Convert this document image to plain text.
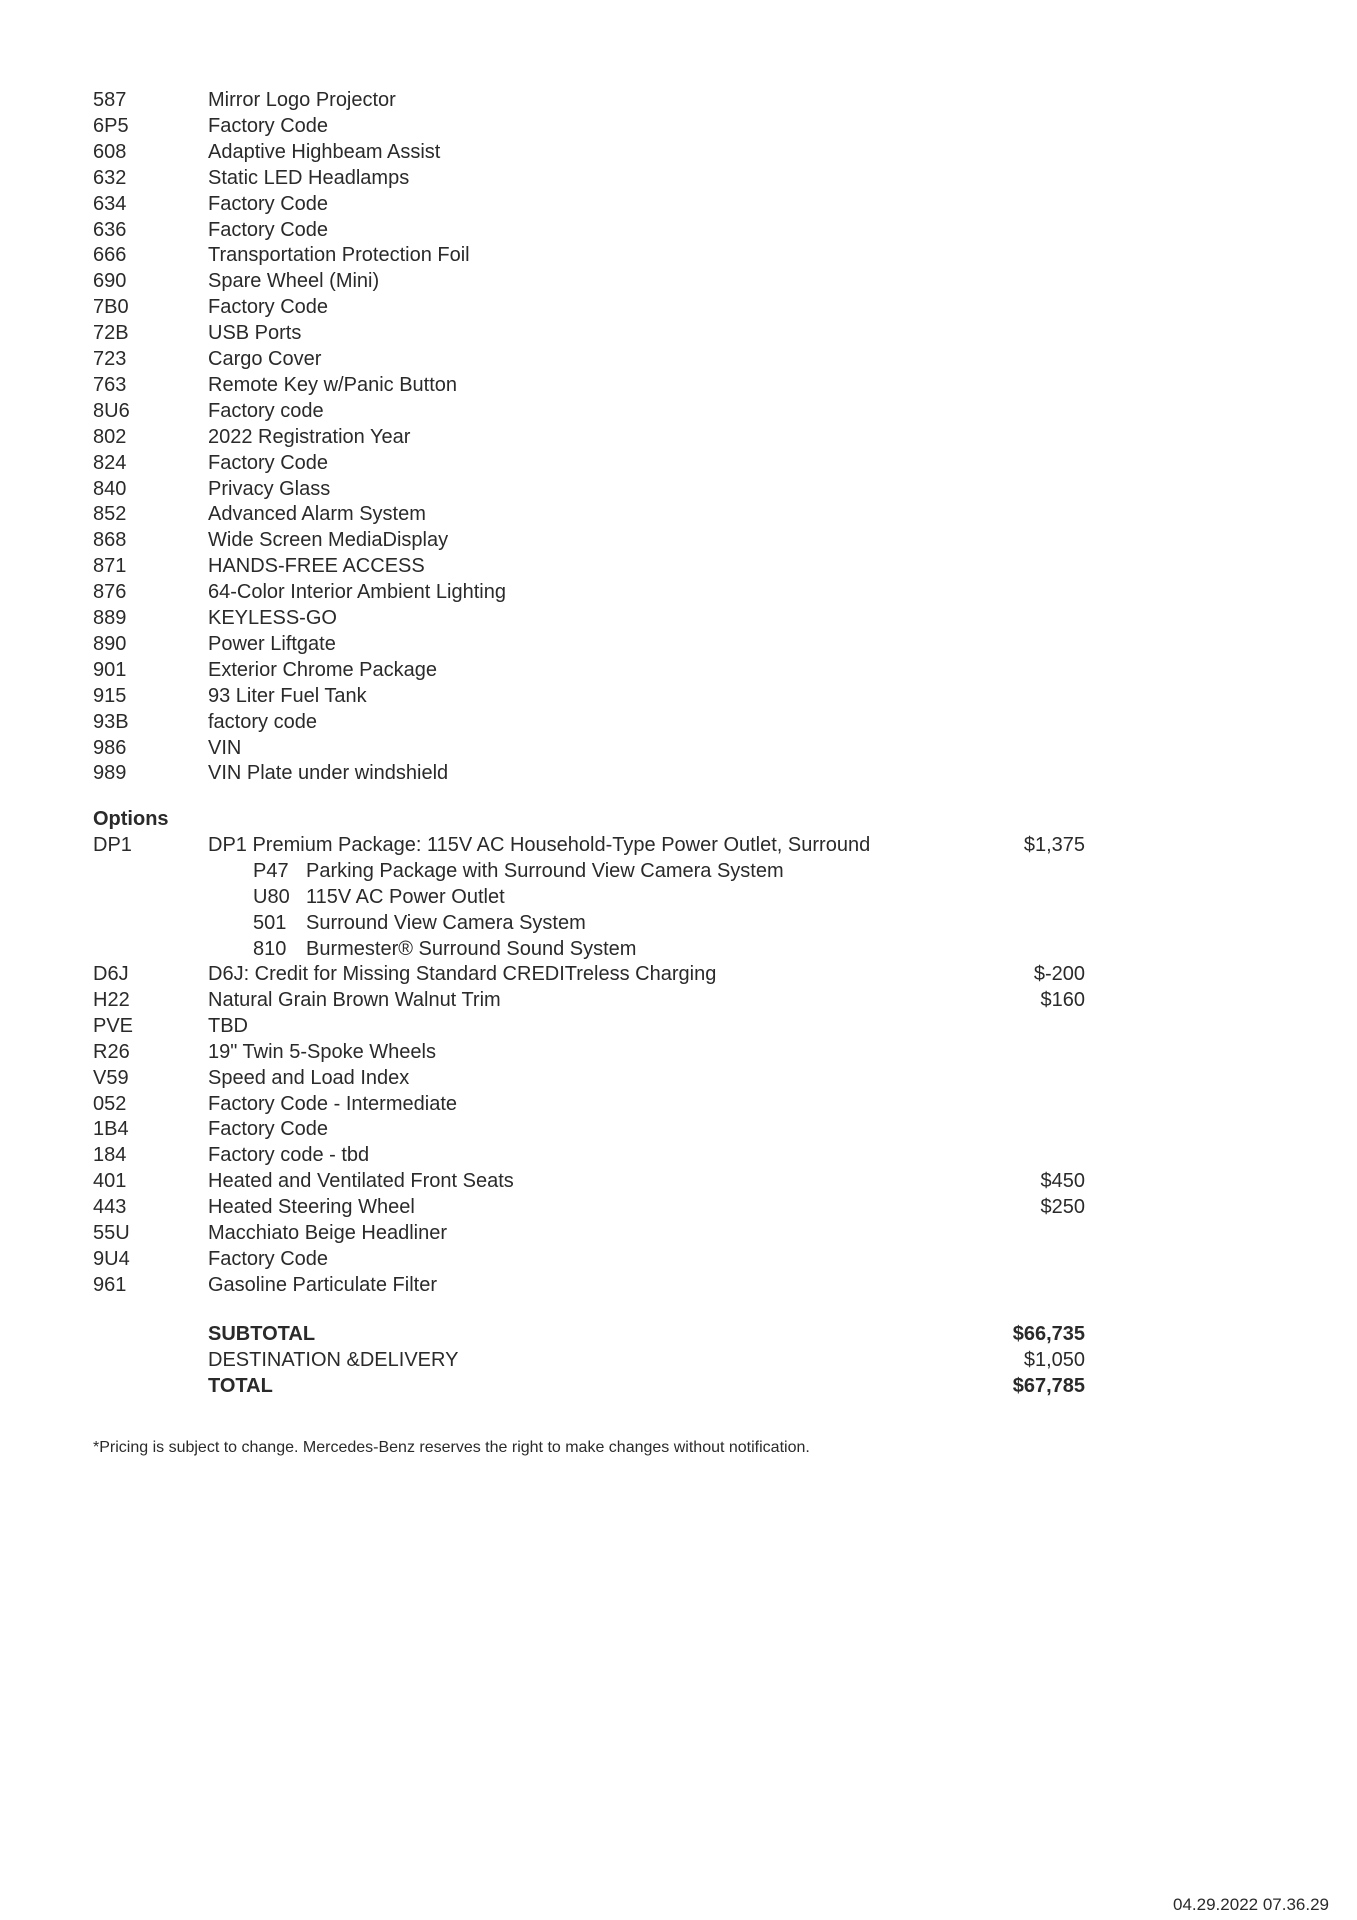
587	Mirror Logo Projector
6P5	Factory Code
608	Adaptive Highbeam Assist
632	Static LED Headlamps
634	Factory Code
636	Factory Code
666	Transportation Protection Foil
690	Spare Wheel (Mini)
7B0	Factory Code
72B	USB Ports
723	Cargo Cover
763	Remote Key w/Panic Button
8U6	Factory code
802	2022 Registration Year
824	Factory Code
840	Privacy Glass
852	Advanced Alarm System
868	Wide Screen MediaDisplay
871	HANDS-FREE ACCESS
876	64-Color Interior Ambient Lighting
889	KEYLESS-GO
890	Power Liftgate
901	Exterior Chrome Package
915	93 Liter Fuel Tank
93B	factory code
986	VIN
989	VIN Plate under windshield
Options
DP1	DP1 Premium Package: 115V AC Household-Type Power Outlet, Surround	$1,375
P47 Parking Package with Surround View Camera System
U80 115V AC Power Outlet
501 Surround View Camera System
810 Burmester® Surround Sound System
D6J	D6J: Credit for Missing Standard CREDITreless Charging	$-200
H22	Natural Grain Brown Walnut Trim	$160
PVE	TBD
R26	19" Twin 5-Spoke Wheels
V59	Speed and Load Index
052	Factory Code - Intermediate
1B4	Factory Code
184	Factory code - tbd
401	Heated and Ventilated Front Seats	$450
443	Heated Steering Wheel	$250
55U	Macchiato Beige Headliner
9U4	Factory Code
961	Gasoline Particulate Filter
SUBTOTAL	$66,735
DESTINATION &DELIVERY	$1,050
TOTAL	$67,785
*Pricing is subject to change. Mercedes-Benz reserves the right to make changes without notification.
04.29.2022 07.36.29
